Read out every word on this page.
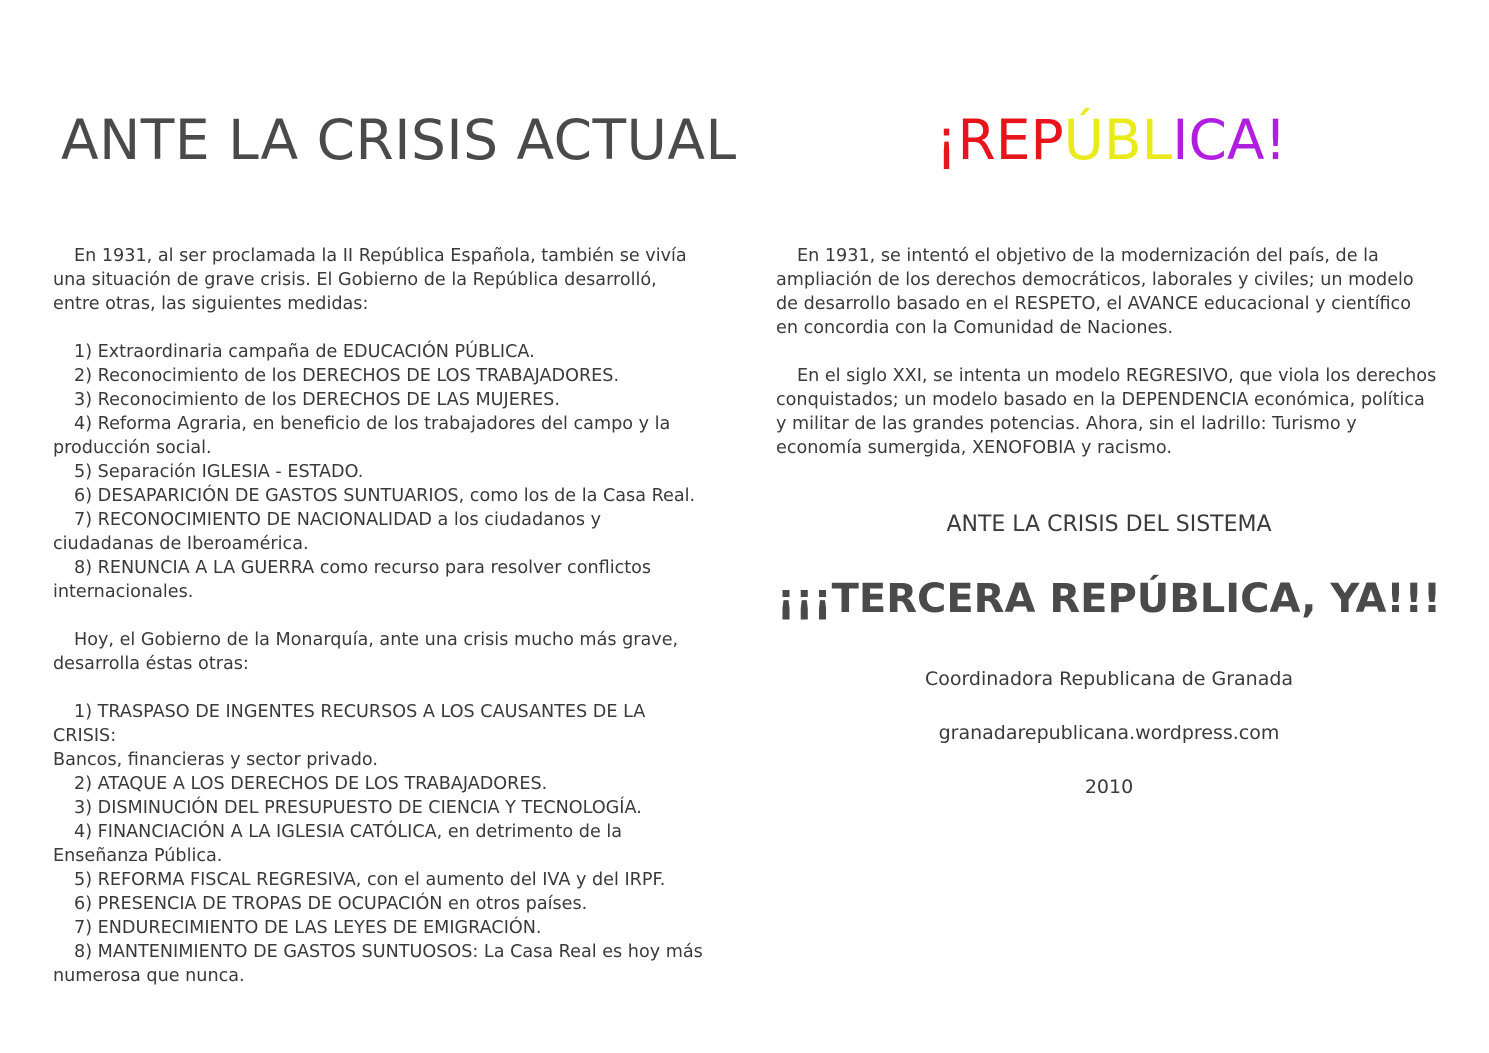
ANTE LA CRISIS ACTUAL

En 1931, al ser proclamada la II República Española, también se vivía

una situación de grave crisis. El Gobierno de la República desarrolló,

entre otras, las siguientes medidas:

1) Extraordinaria campaña de EDUCACIÓN PÚBLICA.

2) Reconocimiento de los DERECHOS DE LOS TRABAJADORES.

3) Reconocimiento de los DERECHOS DE LAS MUJERES.

4) Reforma Agraria, en beneficio de los trabajadores del campo y la

producción social.

5) Separación IGLESIA - ESTADO.

6) DESAPARICIÓN DE GASTOS SUNTUARIOS, como los de la Casa Real.

7) RECONOCIMIENTO DE NACIONALIDAD a los ciudadanos y

ciudadanas de Iberoamérica.

8) RENUNCIA A LA GUERRA como recurso para resolver conflictos

internacionales.

Hoy, el Gobierno de la Monarquía, ante una crisis mucho más grave,

desarrolla éstas otras:

1) TRASPASO DE INGENTES RECURSOS A LOS CAUSANTES DE LA CRISIS:

Bancos, financieras y sector privado.

2) ATAQUE A LOS DERECHOS DE LOS TRABAJADORES.

3) DISMINUCIÓN DEL PRESUPUESTO DE CIENCIA Y TECNOLOGÍA.

4) FINANCIACIÓN A LA IGLESIA CATÓLICA, en detrimento de la

Enseñanza Pública.

5) REFORMA FISCAL REGRESIVA, con el aumento del IVA y del IRPF.

6) PRESENCIA DE TROPAS DE OCUPACIÓN en otros países.

7) ENDURECIMIENTO DE LAS LEYES DE EMIGRACIÓN.

8) MANTENIMIENTO DE GASTOS SUNTUOSOS: La Casa Real es hoy más

numerosa que nunca.

¡REPÚBLICA!

En 1931, se intentó el objetivo de la modernización del país, de la

ampliación de los derechos democráticos, laborales y civiles; un modelo

de desarrollo basado en el RESPETO, el AVANCE educacional y científico

en concordia con la Comunidad de Naciones.

En el siglo XXI, se intenta un modelo REGRESIVO, que viola los derechos

conquistados; un modelo basado en la DEPENDENCIA económica, política

y militar de las grandes potencias. Ahora, sin el ladrillo: Turismo y

economía sumergida, XENOFOBIA y racismo.

ANTE LA CRISIS DEL SISTEMA
¡¡¡TERCERA REPÚBLICA, YA!!!
Coordinadora Republicana de Granada
granadarepublicana.wordpress.com
2010
